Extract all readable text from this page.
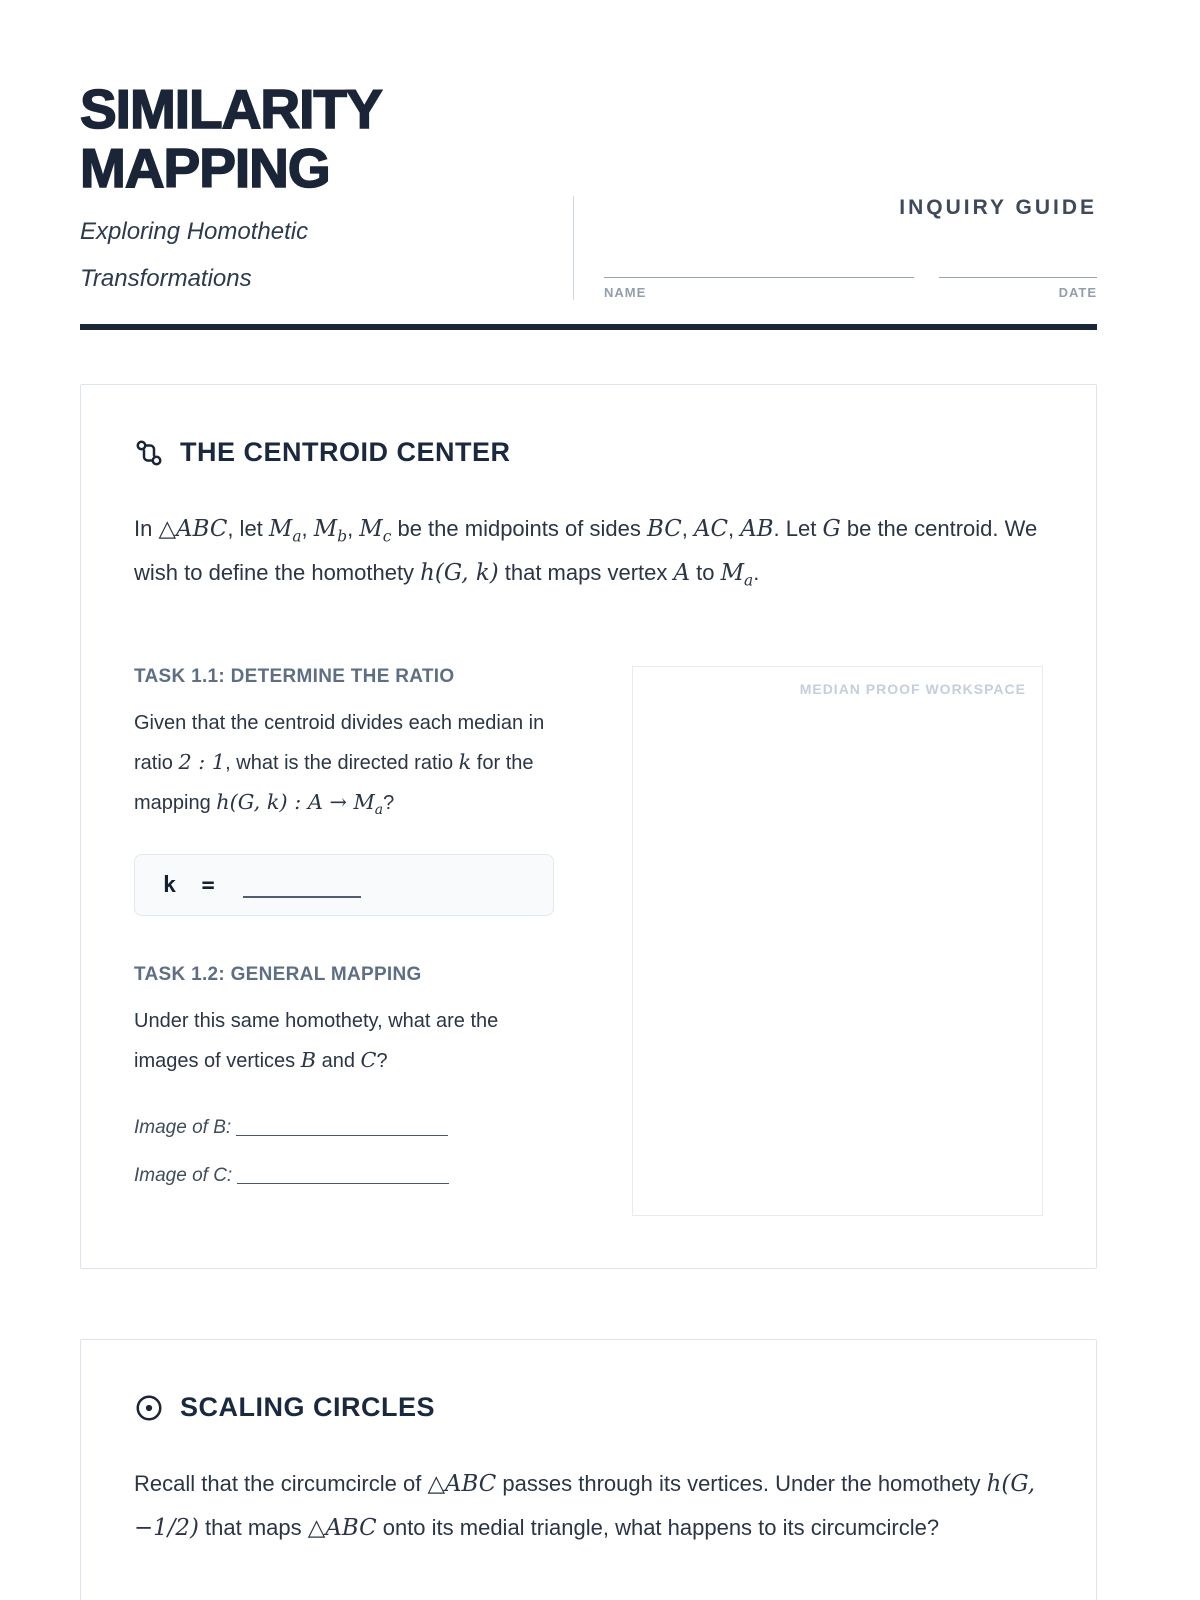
SIMILARITY
MAPPING
Exploring Homothetic
Transformations
INQUIRY GUIDE
NAME	DATE
THE CENTROID CENTER

In △ABC, let $M_a$, $M_b$, $M_c$ be the midpoints of sides BC, AC, AB. Let G be the centroid. We wish to define the homothety h(G, k) that maps vertex A to $M_a$.

TASK 1.1: DETERMINE THE RATIO

Given that the centroid divides each median in ratio 2 : 1, what is the directed ratio k for the mapping h(G, k) : $A \to M_a$?

k =
TASK 1.2: GENERAL MAPPING

Under this same homothety, what are the images of vertices B and C?

Image of B:
Image of C:
MEDIAN PROOF WORKSPACE
SCALING CIRCLES

Recall that the circumcircle of △ABC passes through its vertices. Under the homothety h(G, −1/2) that maps △ABC onto its medial triangle, what happens to its circumcircle?
